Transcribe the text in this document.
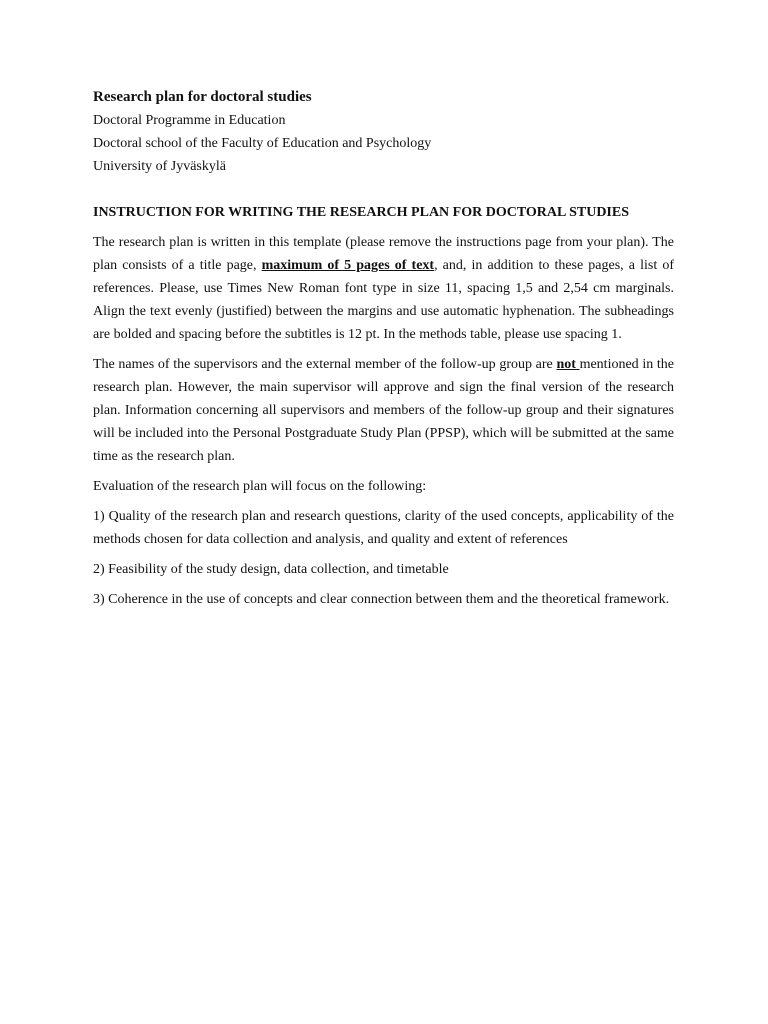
Research plan for doctoral studies

Doctoral Programme in Education

Doctoral school of the Faculty of Education and Psychology

University of Jyväskylä

INSTRUCTION FOR WRITING THE RESEARCH PLAN FOR DOCTORAL STUDIES

The research plan is written in this template (please remove the instructions page from your plan). The plan consists of a title page, maximum of 5 pages of text, and, in addition to these pages, a list of references. Please, use Times New Roman font type in size 11, spacing 1,5 and 2,54 cm marginals. Align the text evenly (justified) between the margins and use automatic hyphenation. The subheadings are bolded and spacing before the subtitles is 12 pt. In the methods table, please use spacing 1.

The names of the supervisors and the external member of the follow-up group are not mentioned in the research plan. However, the main supervisor will approve and sign the final version of the research plan. Information concerning all supervisors and members of the follow-up group and their signatures will be included into the Personal Postgraduate Study Plan (PPSP), which will be submitted at the same time as the research plan.

Evaluation of the research plan will focus on the following:

1) Quality of the research plan and research questions, clarity of the used concepts, applicability of the methods chosen for data collection and analysis, and quality and extent of references

2) Feasibility of the study design, data collection, and timetable

3) Coherence in the use of concepts and clear connection between them and the theoretical framework.
